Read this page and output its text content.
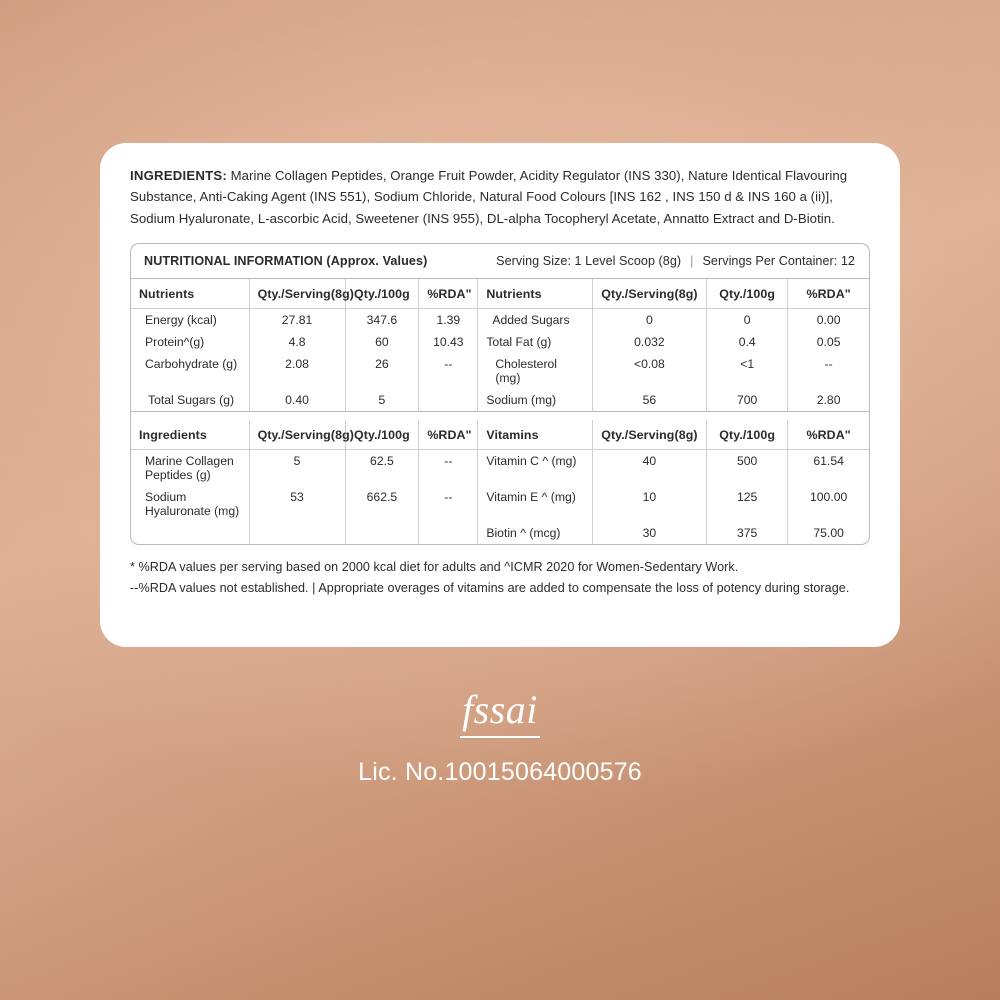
INGREDIENTS: Marine Collagen Peptides, Orange Fruit Powder, Acidity Regulator (INS 330), Nature Identical Flavouring Substance, Anti-Caking Agent (INS 551), Sodium Chloride, Natural Food Colours [INS 162 , INS 150 d & INS 160 a (ii)], Sodium Hyaluronate, L-ascorbic Acid, Sweetener (INS 955), DL-alpha Tocopheryl Acetate, Annatto Extract and D-Biotin.
NUTRITIONAL INFORMATION (Approx. Values)	Serving Size: 1 Level Scoop (8g) | Servings Per Container: 12
Nutrients	Qty./Serving(8g)	Qty./100g	%RDA"	Nutrients	Qty./Serving(8g)	Qty./100g	%RDA"
Energy (kcal)	27.81	347.6	1.39	Added Sugars	0	0	0.00
Protein^(g)	4.8	60	10.43	Total Fat (g)	0.032	0.4	0.05
Carbohydrate (g)	2.08	26	--	Cholesterol (mg)	<0.08	<1	--
Total Sugars (g)	0.40	5		Sodium (mg)	56	700	2.80

Ingredients	Qty./Serving(8g)	Qty./100g	%RDA"	Vitamins	Qty./Serving(8g)	Qty./100g	%RDA"
Marine Collagen Peptides (g)	5	62.5	--	Vitamin C ^ (mg)	40	500	61.54
Sodium Hyaluronate (mg)	53	662.5	--	Vitamin E ^ (mg)	10	125	100.00
				Biotin ^ (mcg)	30	375	75.00
* %RDA values per serving based on 2000 kcal diet for adults and ^ICMR 2020 for Women-Sedentary Work.
--%RDA values not established. | Appropriate overages of vitamins are added to compensate the loss of potency during storage.
fssai
Lic. No.10015064000576
